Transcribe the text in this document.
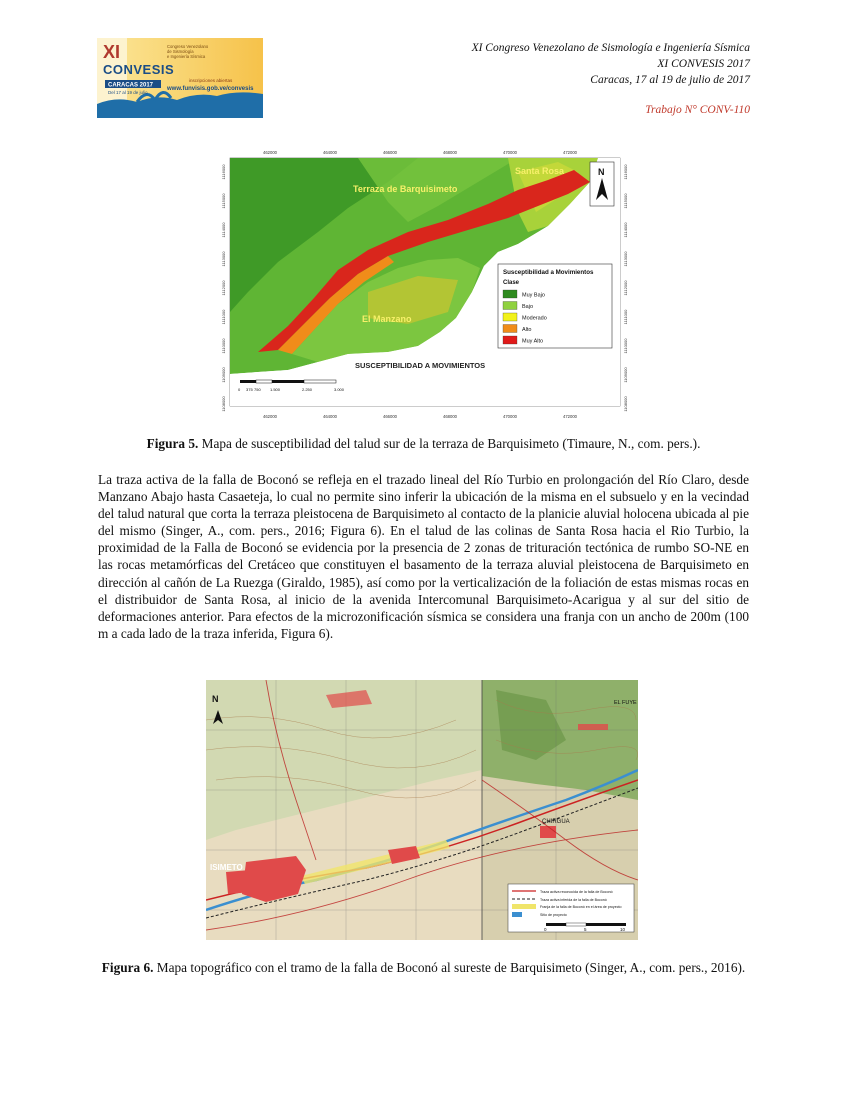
XI
CONVESIS
Congreso Venezolano
de Sismología
e Ingeniería Sísmica
CARACAS 2017
Del 17 al 19 de julio
inscripciones abiertas
www.funvisis.gob.ve/convesis
XI Congreso Venezolano de Sismología e Ingeniería Sísmica
XI CONVESIS 2017
Caracas, 17 al 19 de julio de 2017
Trabajo N° CONV-110
Terraza de Barquisimeto
Santa Rosa
El Manzano
SUSCEPTIBILIDAD A MOVIMIENTOS
N
Susceptibilidad a Movimientos
Clase
Muy Bajo
Bajo
Moderado
Alto
Muy Alto
462000	464000	466000	468000	470000	472000
462000	464000	466000	468000	470000	472000
1116000
1115000
1114000
1113000
1112000
1111000
1110000
1109000
1108000
1116000
1115000
1114000
1113000
1112000
1111000
1110000
1109000
1108000
0 375 750 1.500	2.250	3.000
Figura 5. Mapa de susceptibilidad del talud sur de la terraza de Barquisimeto (Timaure, N., com. pers.).

La traza activa de la falla de Boconó se refleja en el trazado lineal del Río Turbio en prolongación del Río Claro, desde Manzano Abajo hasta Casaeteja, lo cual no permite sino inferir la ubicación de la misma en el subsuelo y en la vecindad del talud natural que corta la terraza pleistocena de Barquisimeto al contacto de la planicie aluvial holocena ubicada al pie del mismo (Singer, A., com. pers., 2016; Figura 6). En el talud de las colinas de Santa Rosa hacia el Rio Turbio, la proximidad de la Falla de Boconó se evidencia por la presencia de 2 zonas de trituración tectónica de rumbo SO-NE en las rocas metamórficas del Cretáceo que constituyen el basamento de la terraza aluvial pleistocena de Barquisimeto en dirección al cañón de La Ruezga (Giraldo, 1985), así como por la verticalización de la foliación de estas mismas rocas en el distribuidor de Santa Rosa, al inicio de la avenida Intercomunal Barquisimeto-Acarigua y al sur del sitio de deformaciones anterior. Para efectos de la microzonificación sísmica se considera una franja con un ancho de 200m (100 m a cada lado de la traza inferida, Figura 6).

ISIMETO
CHIRGUA
EL FUYE
N
Traza activa reconocida de la falla de Boconó
Traza activa inferida de la falla de Boconó
Franja de la falla de Boconó en el área de proyecto
Sitio de proyecto
0	5	10
Figura 6. Mapa topográfico con el tramo de la falla de Boconó al sureste de Barquisimeto (Singer, A., com. pers., 2016).
